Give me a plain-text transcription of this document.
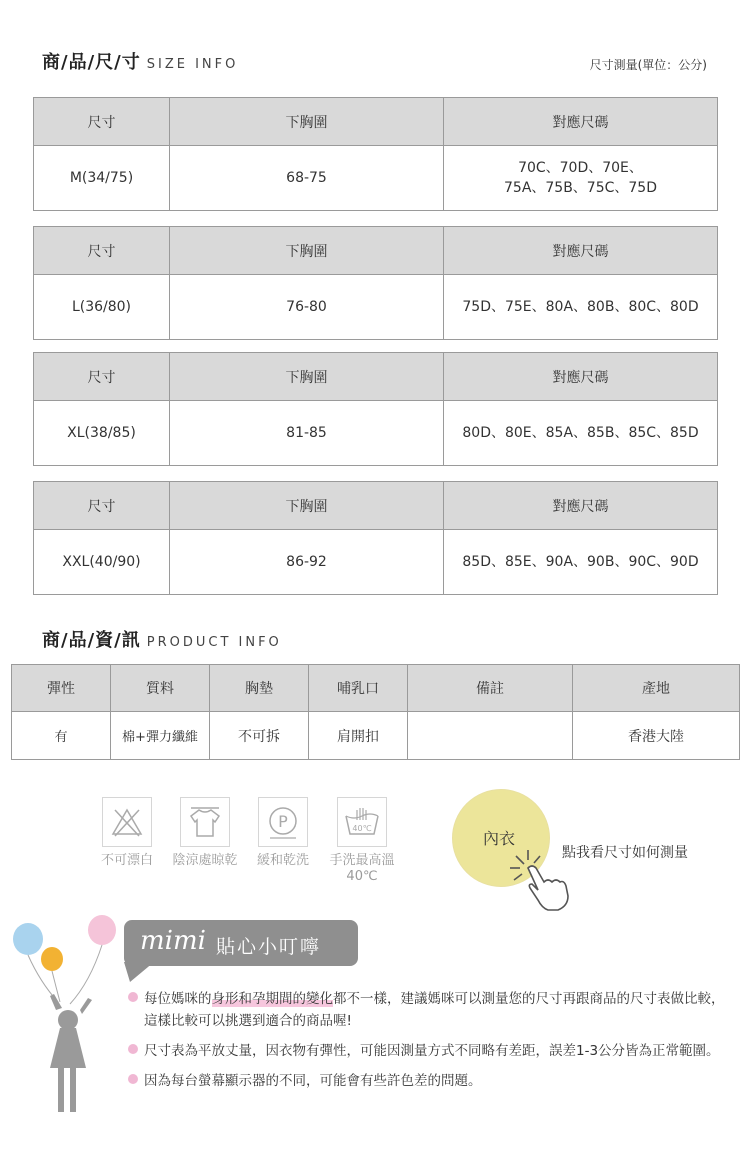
商/品/尺/寸 SIZE INFO	尺寸測量(單位：公分)
尺寸	下胸圍	對應尺碼
M(34/75)	68-75	70C、70D、70E、
75A、75B、75C、75D
尺寸	下胸圍	對應尺碼
L(36/80)	76-80	75D、75E、80A、80B、80C、80D
尺寸	下胸圍	對應尺碼
XL(38/85)	81-85	80D、80E、85A、85B、85C、85D
尺寸	下胸圍	對應尺碼
XXL(40/90)	86-92	85D、85E、90A、90B、90C、90D
商/品/資/訊 PRODUCT INFO
彈性	質料	胸墊	哺乳口	備註	產地
有	棉+彈力纖維	不可拆	肩開扣		香港大陸
不可漂白	陰涼處晾乾
P
緩和乾洗
40℃
手洗最高溫
40℃
內衣
點我看尺寸如何測量
mimi 貼心小叮嚀
每位媽咪的身形和孕期間的變化都不一樣，建議媽咪可以測量您的尺寸再跟商品的尺寸表做比較，這樣比較可以挑選到適合的商品喔!
尺寸表為平放丈量，因衣物有彈性，可能因測量方式不同略有差距，誤差1-3公分皆為正常範圍。
因為每台螢幕顯示器的不同，可能會有些許色差的問題。
